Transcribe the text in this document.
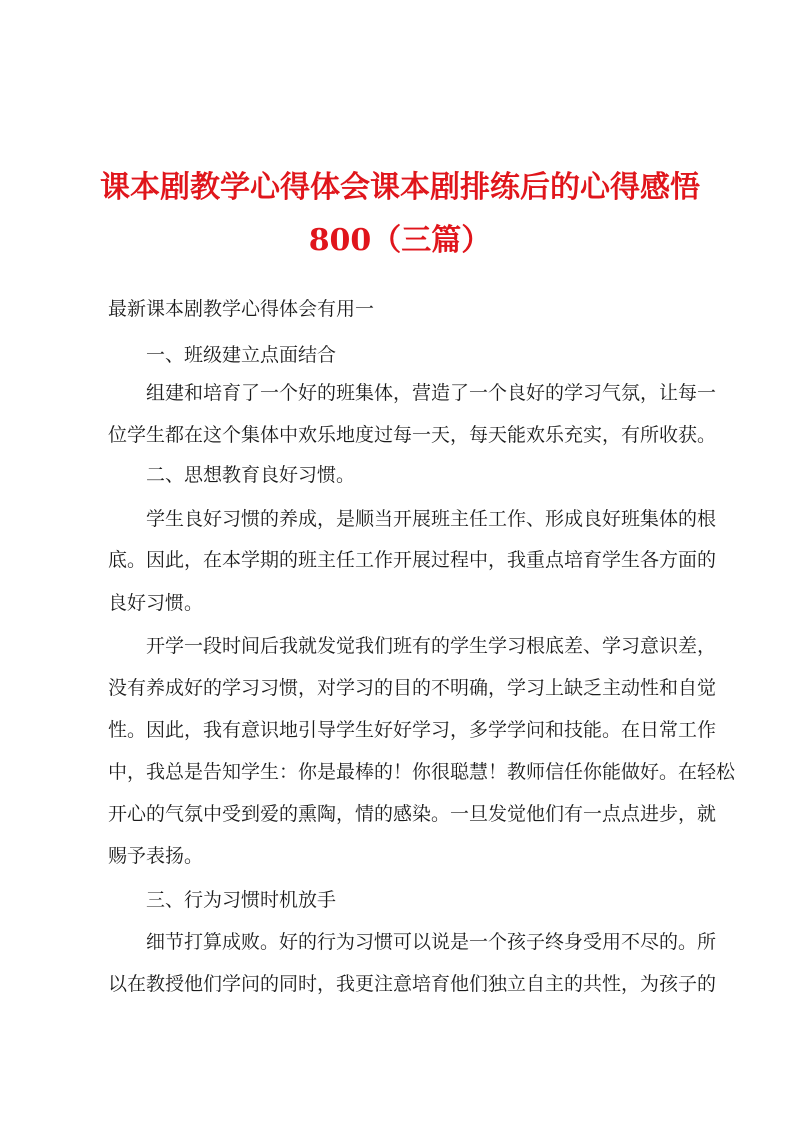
课本剧教学心得体会课本剧排练后的心得感悟
800（三篇）

最新课本剧教学心得体会有用一

一、班级建立点面结合

组建和培育了一个好的班集体，营造了一个良好的学习气氛，让每一

位学生都在这个集体中欢乐地度过每一天，每天能欢乐充实，有所收获。

二、思想教育良好习惯。

学生良好习惯的养成，是顺当开展班主任工作、形成良好班集体的根

底。因此，在本学期的班主任工作开展过程中，我重点培育学生各方面的

良好习惯。

开学一段时间后我就发觉我们班有的学生学习根底差、学习意识差，

没有养成好的学习习惯，对学习的目的不明确，学习上缺乏主动性和自觉

性。因此，我有意识地引导学生好好学习，多学学问和技能。在日常工作

中，我总是告知学生：你是最棒的！你很聪慧！教师信任你能做好。在轻松

开心的气氛中受到爱的熏陶，情的感染。一旦发觉他们有一点点进步，就

赐予表扬。

三、行为习惯时机放手

细节打算成败。好的行为习惯可以说是一个孩子终身受用不尽的。所

以在教授他们学问的同时，我更注意培育他们独立自主的共性，为孩子的
